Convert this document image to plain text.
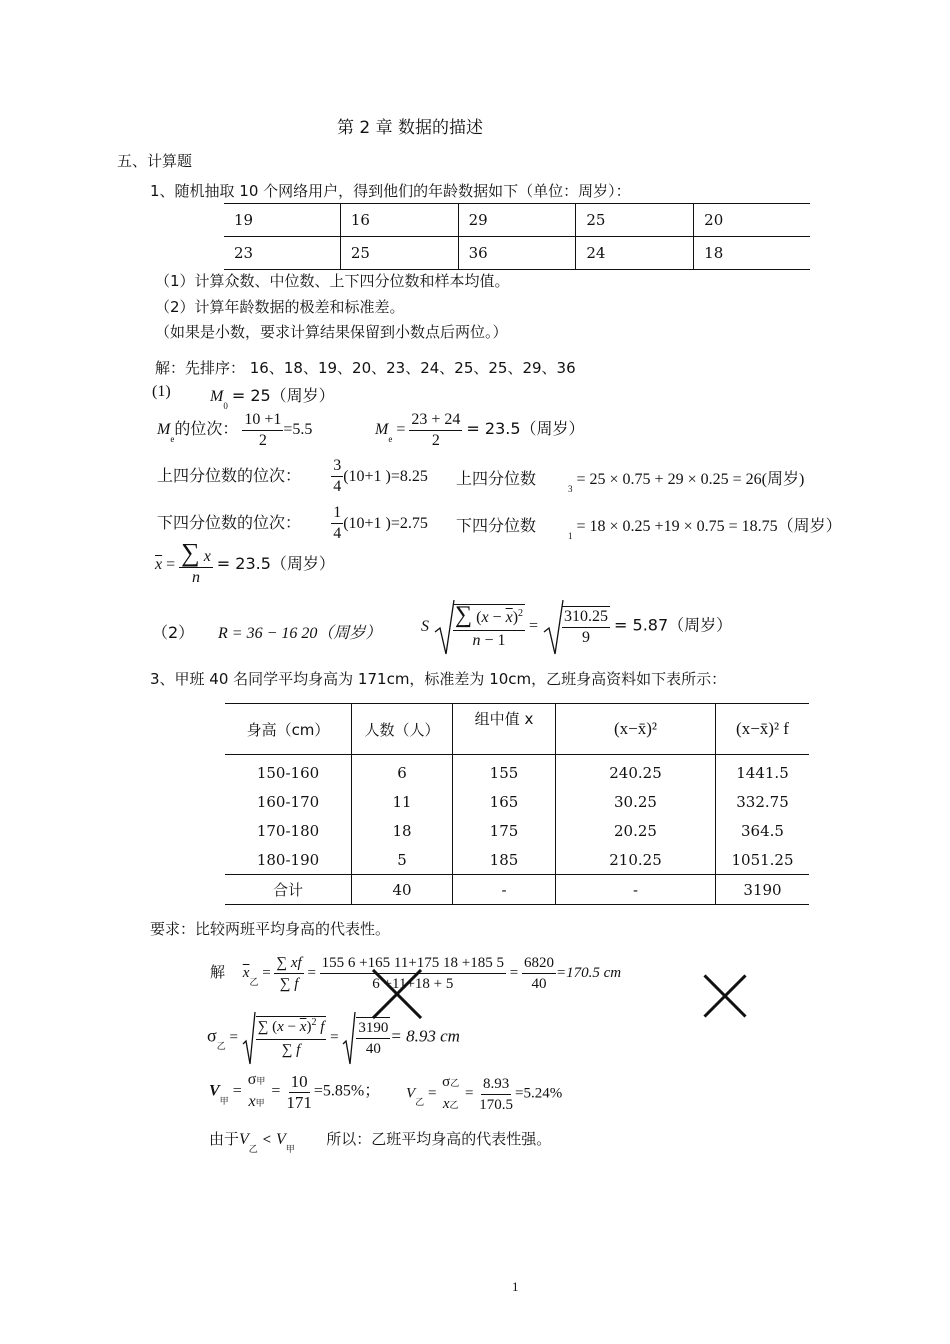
第 2 章 数据的描述
五、计算题
1、随机抽取 10 个网络用户，得到他们的年龄数据如下（单位：周岁）：
19	16	29	25	20
23	25	36	24	18
（1）计算众数、中位数、上下四分位数和样本均值。
（2）计算年龄数据的极差和标准差。
（如果是小数，要求计算结果保留到小数点后两位。）
解：先排序： 16、18、19、20、23、24、25、25、29、36
(1) $M_0 = 25$（周岁）
$M_e$的位次： $\frac{10 +1}{2} =5.5$	$M_e = \frac{23 + 24}{2} = 23.5$（周岁）
上四分位数的位次： $\frac{3}{4} (10+1$ )=8.25 上四分位数
$_3$ = 25 × 0.75 + 29 × 0.25 = 26(周岁)
下四分位数的位次： $\frac{1}{4} (10+1$ )=2.75 下四分位数
$_1$ = 18 × 0.25 +19 × 0.75 = 18.75（周岁）
$\overline{x} = \frac{\sum x}{n} = 23.5$（周岁）
（2） R = 36 − 16 20（周岁） S $\frac{\sum (x - \overline{x})^2}{n - 1} = \frac{310.25}{9} = 5.87$（周岁）
3、甲班 40 名同学平均身高为 171cm，标准差为 10cm，乙班身高资料如下表所示：
身高（cm）	人数（人）	组中值 x	(x−x̄)²	(x−x̄)² f
150-160	6	155	240.25	1441.5
160-170	11	165	30.25	332.75
170-180	18	175	20.25	364.5
180-190	5	185	210.25	1051.25
合计	40	-	-	3190
要求：比较两班平均身高的代表性。
解 $\overline{x}_乙 = \frac{\sum xf}{\sum f} = \frac{155 6 +165 11+175 18 +185 5}{6 +11+18 + 5} = \frac{6820}{40} =170.5$ cm
$\sigma_乙 = \frac{\sum (x - \overline{x})^2 f}{\sum f} = \frac{3190}{40} = 8.93$ cm
$V_甲$ =
σ甲
x甲
= $\frac{10}{171} =5.85\%$； $V_乙$ =
σ乙
x乙
= $\frac{8.93}{170.5} =5.24\%$
由于$V_乙 < V_甲$  所以：乙班平均身高的代表性强。
1
